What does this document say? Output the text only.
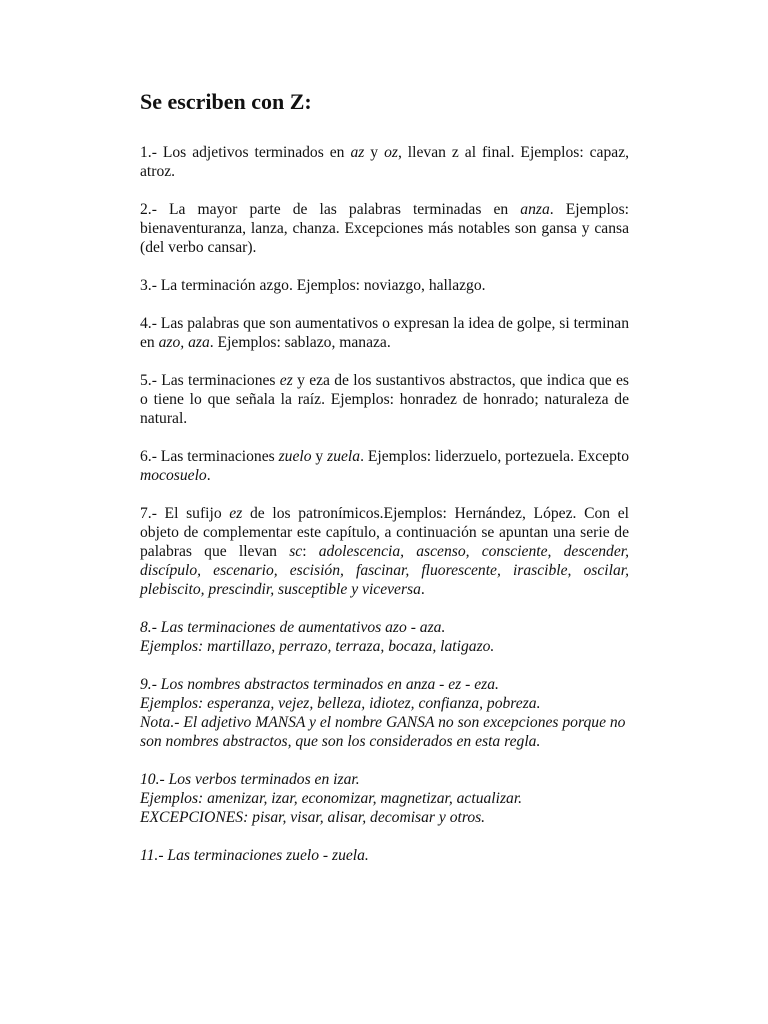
Se escriben con Z:

1.- Los adjetivos terminados en az y oz, llevan z al final. Ejemplos: capaz, atroz.

2.- La mayor parte de las palabras terminadas en anza. Ejemplos: bienaventuranza, lanza, chanza. Excepciones más notables son gansa y cansa (del verbo cansar).

3.- La terminación azgo. Ejemplos: noviazgo, hallazgo.

4.- Las palabras que son aumentativos o expresan la idea de golpe, si terminan en azo, aza. Ejemplos: sablazo, manaza.

5.- Las terminaciones ez y eza de los sustantivos abstractos, que indica que es o tiene lo que señala la raíz. Ejemplos: honradez de honrado; naturaleza de natural.

6.- Las terminaciones zuelo y zuela. Ejemplos: liderzuelo, portezuela. Excepto mocosuelo.

7.- El sufijo ez de los patronímicos.Ejemplos: Hernández, López. Con el objeto de complementar este capítulo, a continuación se apuntan una serie de palabras que llevan sc: adolescencia, ascenso, consciente, descender, discípulo, escenario, escisión, fascinar, fluorescente, irascible, oscilar, plebiscito, prescindir, susceptible y viceversa.

8.- Las terminaciones de aumentativos azo - aza.
Ejemplos: martillazo, perrazo, terraza, bocaza, latigazo.

9.- Los nombres abstractos terminados en anza - ez - eza.
Ejemplos: esperanza, vejez, belleza, idiotez, confianza, pobreza.
Nota.- El adjetivo MANSA y el nombre GANSA no son excepciones porque no son nombres abstractos, que son los considerados en esta regla.

10.- Los verbos terminados en izar.
Ejemplos: amenizar, izar, economizar, magnetizar, actualizar.
EXCEPCIONES: pisar, visar, alisar, decomisar y otros.

11.- Las terminaciones zuelo - zuela.
